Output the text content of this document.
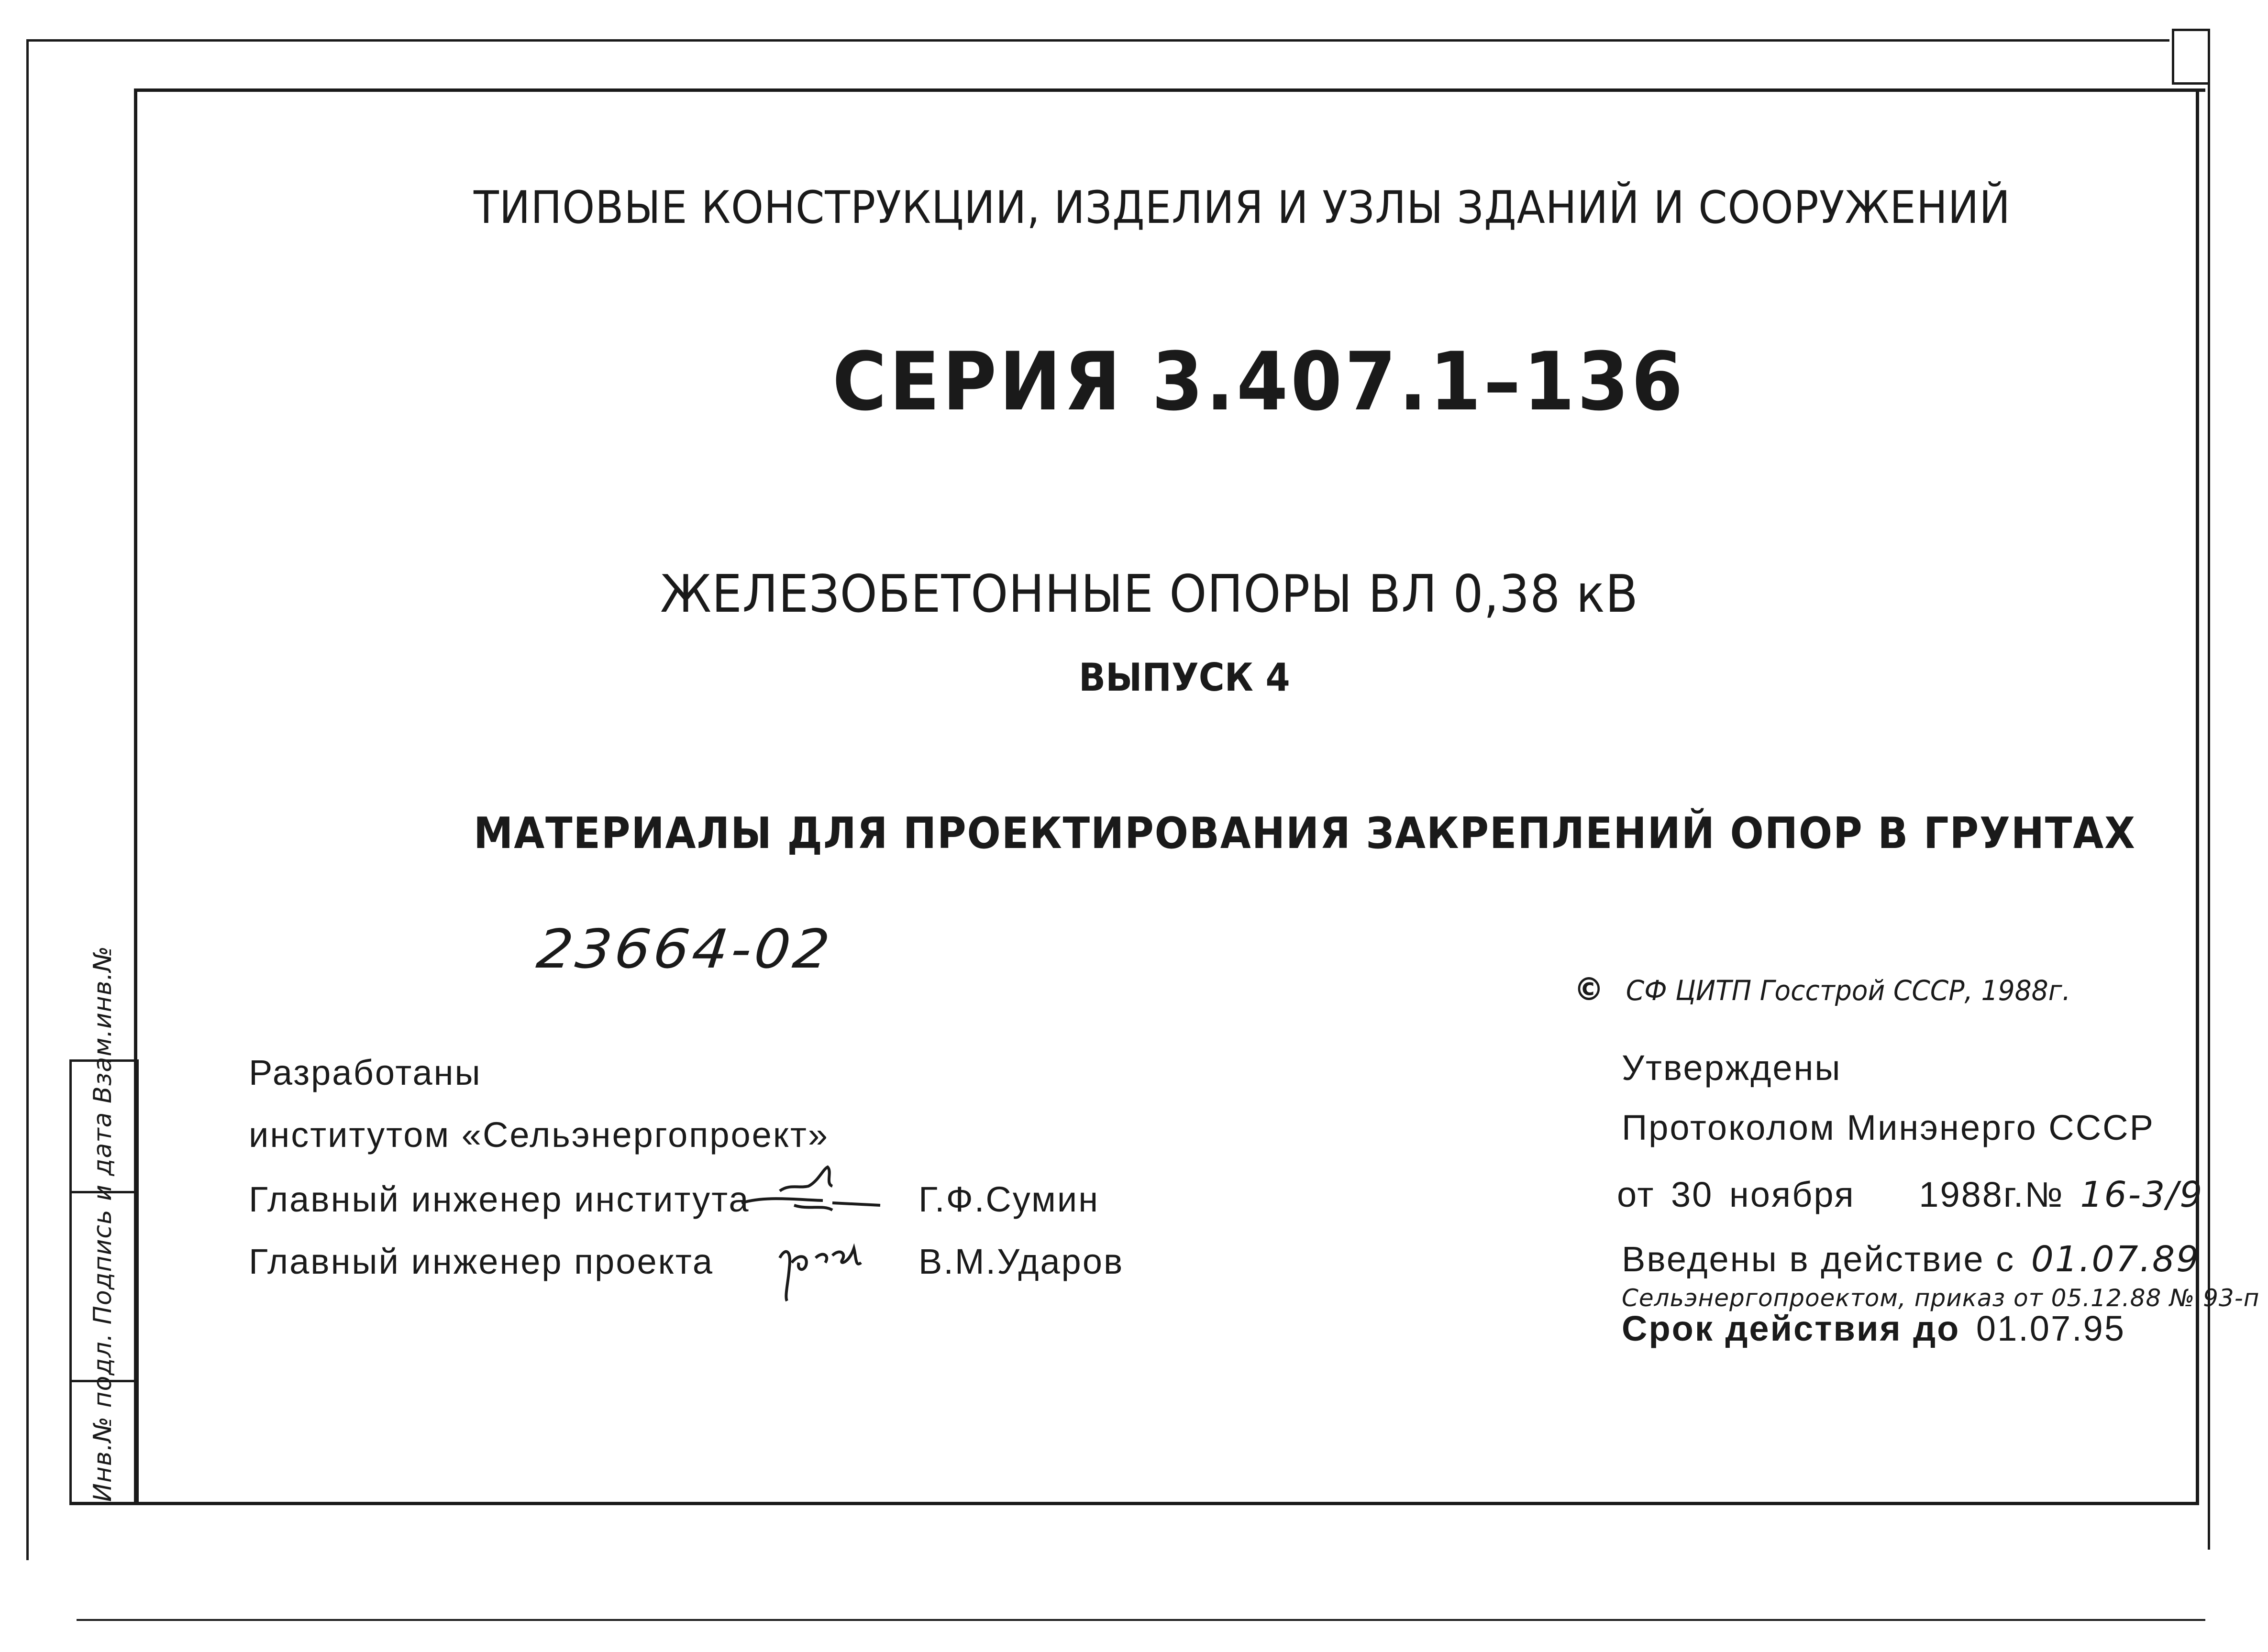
ТИПОВЫЕ КОНСТРУКЦИИ, ИЗДЕЛИЯ И УЗЛЫ ЗДАНИЙ И СООРУЖЕНИЙ
СЕРИЯ 3.407.1–136
ЖЕЛЕЗОБЕТОННЫЕ ОПОРЫ ВЛ 0,38 кВ
ВЫПУСК 4
МАТЕРИАЛЫ ДЛЯ ПРОЕКТИРОВАНИЯ ЗАКРЕПЛЕНИЙ ОПОР В ГРУНТАХ
23664-02
© СФ ЦИТП Госстрой СССР, 1988г.
Разработаны
институтом «Сельэнергопроект»
Главный инженер института	Г.Ф.Сумин
Главный инженер проекта	В.М.Ударов
Утверждены
Протоколом Минэнерго СССР
от 30 ноября 1988г.№ 16-3/9
Введены в действие с 01.07.89
Сельэнергопроектом, приказ от 05.12.88 № 93-п
Срок действия до 01.07.95
Инв.№ подл. Подпись и дата Взам.инв.№
